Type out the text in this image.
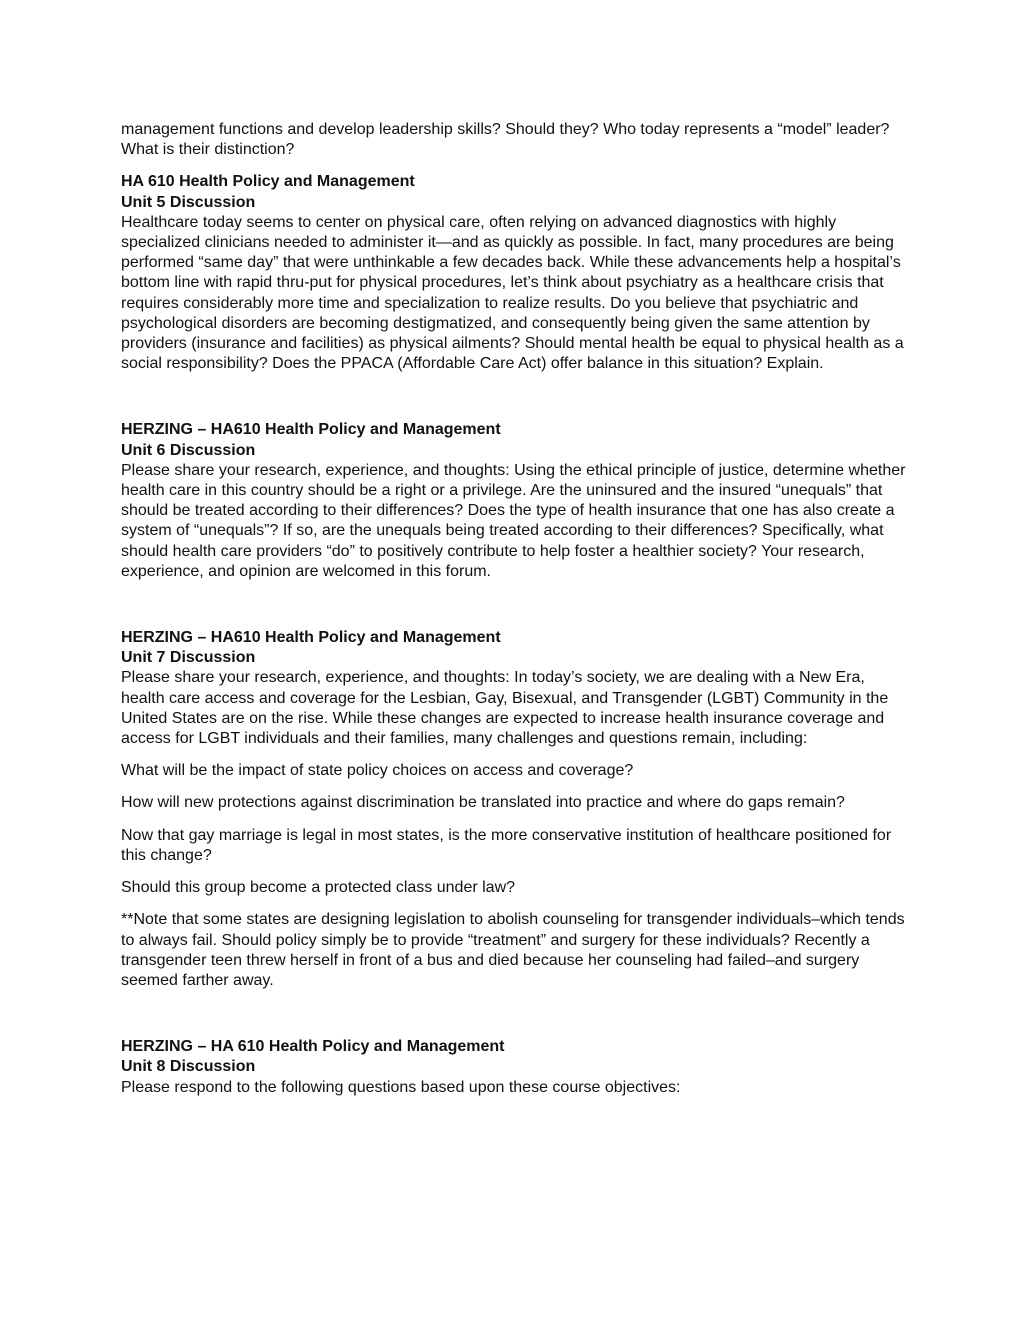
management functions and develop leadership skills? Should they? Who today represents a “model” leader? What is their distinction?

HA 610 Health Policy and Management

Unit 5 Discussion

Healthcare today seems to center on physical care, often relying on advanced diagnostics with highly specialized clinicians needed to administer it—and as quickly as possible. In fact, many procedures are being performed “same day” that were unthinkable a few decades back. While these advancements help a hospital’s bottom line with rapid thru-put for physical procedures, let’s think about psychiatry as a healthcare crisis that requires considerably more time and specialization to realize results. Do you believe that psychiatric and psychological disorders are becoming destigmatized, and consequently being given the same attention by providers (insurance and facilities) as physical ailments? Should mental health be equal to physical health as a social responsibility? Does the PPACA (Affordable Care Act) offer balance in this situation? Explain.

HERZING – HA610 Health Policy and Management

Unit 6 Discussion

Please share your research, experience, and thoughts: Using the ethical principle of justice, determine whether health care in this country should be a right or a privilege. Are the uninsured and the insured “unequals” that should be treated according to their differences? Does the type of health insurance that one has also create a system of “unequals”? If so, are the unequals being treated according to their differences? Specifically, what should health care providers “do” to positively contribute to help foster a healthier society? Your research, experience, and opinion are welcomed in this forum.

HERZING – HA610 Health Policy and Management

Unit 7 Discussion

Please share your research, experience, and thoughts: In today’s society, we are dealing with a New Era, health care access and coverage for the Lesbian, Gay, Bisexual, and Transgender (LGBT) Community in the United States are on the rise. While these changes are expected to increase health insurance coverage and access for LGBT individuals and their families, many challenges and questions remain, including:

What will be the impact of state policy choices on access and coverage?

How will new protections against discrimination be translated into practice and where do gaps remain?

Now that gay marriage is legal in most states, is the more conservative institution of healthcare positioned for this change?

Should this group become a protected class under law?

**Note that some states are designing legislation to abolish counseling for transgender individuals–which tends to always fail. Should policy simply be to provide “treatment” and surgery for these individuals? Recently a transgender teen threw herself in front of a bus and died because her counseling had failed–and surgery seemed farther away.

HERZING – HA 610 Health Policy and Management

Unit 8 Discussion

Please respond to the following questions based upon these course objectives:
